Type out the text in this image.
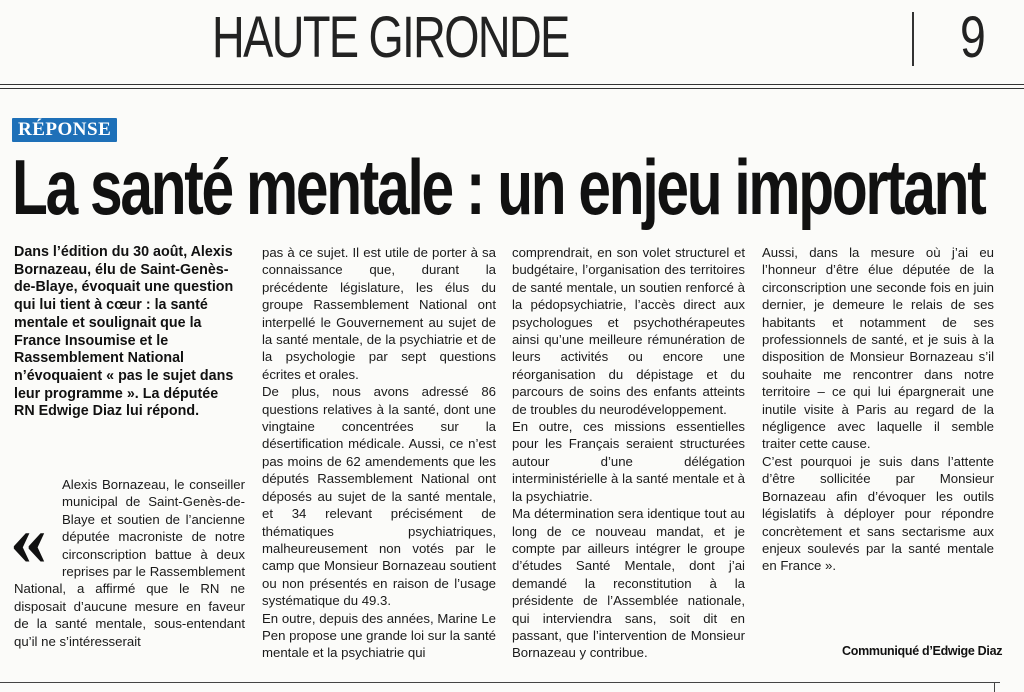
HAUTE GIRONDE	9
RÉPONSE
La santé mentale : un enjeu important

Dans l’édition du 30 août, Alexis Bornazeau, élu de Saint-Genès-de-Blaye, évoquait une question qui lui tient à cœur : la santé mentale et soulignait que la France Insoumise et le Rassemblement National n’évoquaient « pas le sujet dans leur programme ». La députée RN Edwige Diaz lui répond.

Alexis Bornazeau, le conseiller municipal de Saint-Genès-de-Blaye et soutien de l’ancienne députée macroniste de notre circonscription battue à deux reprises par le Rassemblement National, a affirmé que le RN ne disposait d’aucune mesure en faveur de la santé mentale, sous-entendant qu’il ne s’intéresserait

«

pas à ce sujet. Il est utile de porter à sa connaissance que, durant la précédente législature, les élus du groupe Rassemblement National ont interpellé le Gouvernement au sujet de la santé mentale, de la psychiatrie et de la psychologie par sept questions écrites et orales.

De plus, nous avons adressé 86 questions relatives à la santé, dont une vingtaine concentrées sur la désertification médicale. Aussi, ce n’est pas moins de 62 amendements que les députés Rassemblement National ont déposés au sujet de la santé mentale, et 34 relevant précisément de thématiques psychiatriques, malheureusement non votés par le camp que Monsieur Bornazeau soutient ou non présentés en raison de l’usage systématique du 49.3.

En outre, depuis des années, Marine Le Pen propose une grande loi sur la santé mentale et la psychiatrie qui

comprendrait, en son volet structurel et budgétaire, l’organisation des territoires de santé mentale, un soutien renforcé à la pédopsychiatrie, l’accès direct aux psychologues et psychothérapeutes ainsi qu’une meilleure rémunération de leurs activités ou encore une réorganisation du dépistage et du parcours de soins des enfants atteints de troubles du neurodéveloppement.

En outre, ces missions essentielles pour les Français seraient structurées autour d’une délégation interministérielle à la santé mentale et à la psychiatrie.

Ma détermination sera identique tout au long de ce nouveau mandat, et je compte par ailleurs intégrer le groupe d’études Santé Mentale, dont j’ai demandé la reconstitution à la présidente de l’Assemblée nationale, qui interviendra sans, soit dit en passant, que l’intervention de Monsieur Bornazeau y contribue.

Aussi, dans la mesure où j’ai eu l’honneur d’être élue députée de la circonscription une seconde fois en juin dernier, je demeure le relais de ses habitants et notamment de ses professionnels de santé, et je suis à la disposition de Monsieur Bornazeau s’il souhaite me rencontrer dans notre territoire – ce qui lui épargnerait une inutile visite à Paris au regard de la négligence avec laquelle il semble traiter cette cause.

C’est pourquoi je suis dans l’attente d’être sollicitée par Monsieur Bornazeau afin d’évoquer les outils législatifs à déployer pour répondre concrètement et sans sectarisme aux enjeux soulevés par la santé mentale en France ».

Communiqué d’Edwige Diaz
